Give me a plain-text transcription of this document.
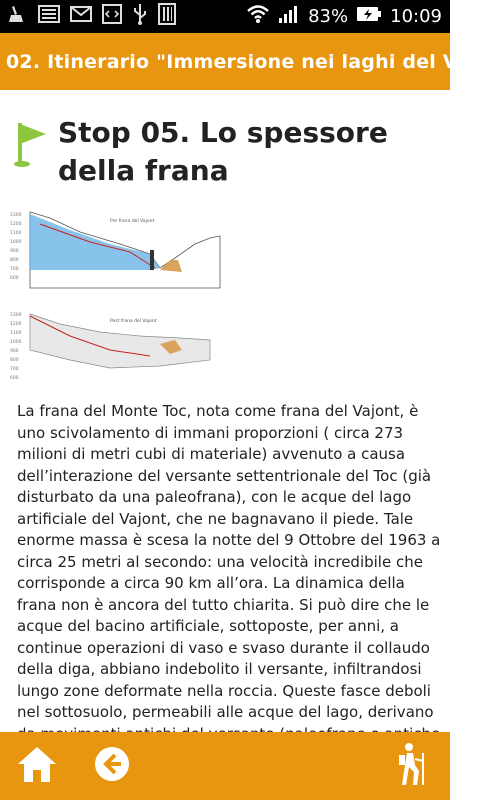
83% 10:09
02. Itinerario "Immersione nei laghi del Vaj...
Stop 05. Lo spessore della frana
1300
1200
1100
1000
900
800
700
600
Pre frana del Vajont
1300
1200
1100
1000
900
800
700
600
Post frana del Vajont
La frana del Monte Toc, nota come frana del Vajont, è uno scivolamento di immani proporzioni ( circa 273 milioni di metri cubi di materiale) avvenuto a causa dell’interazione del versante settentrionale del Toc (già disturbato da una paleofrana), con le acque del lago artificiale del Vajont, che ne bagnavano il piede. Tale enorme massa è scesa la notte del 9 Ottobre del 1963 a circa 25 metri al secondo: una velocità incredibile che corrisponde a circa 90 km all’ora. La dinamica della frana non è ancora del tutto chiarita. Si può dire che le acque del bacino artificiale, sottoposte, per anni, a continue operazioni di vaso e svaso durante il collaudo della diga, abbiano indebolito il versante, infiltrandosi lungo zone deformate nella roccia. Queste fasce deboli nel sottosuolo, permeabili alle acque del lago, derivano
